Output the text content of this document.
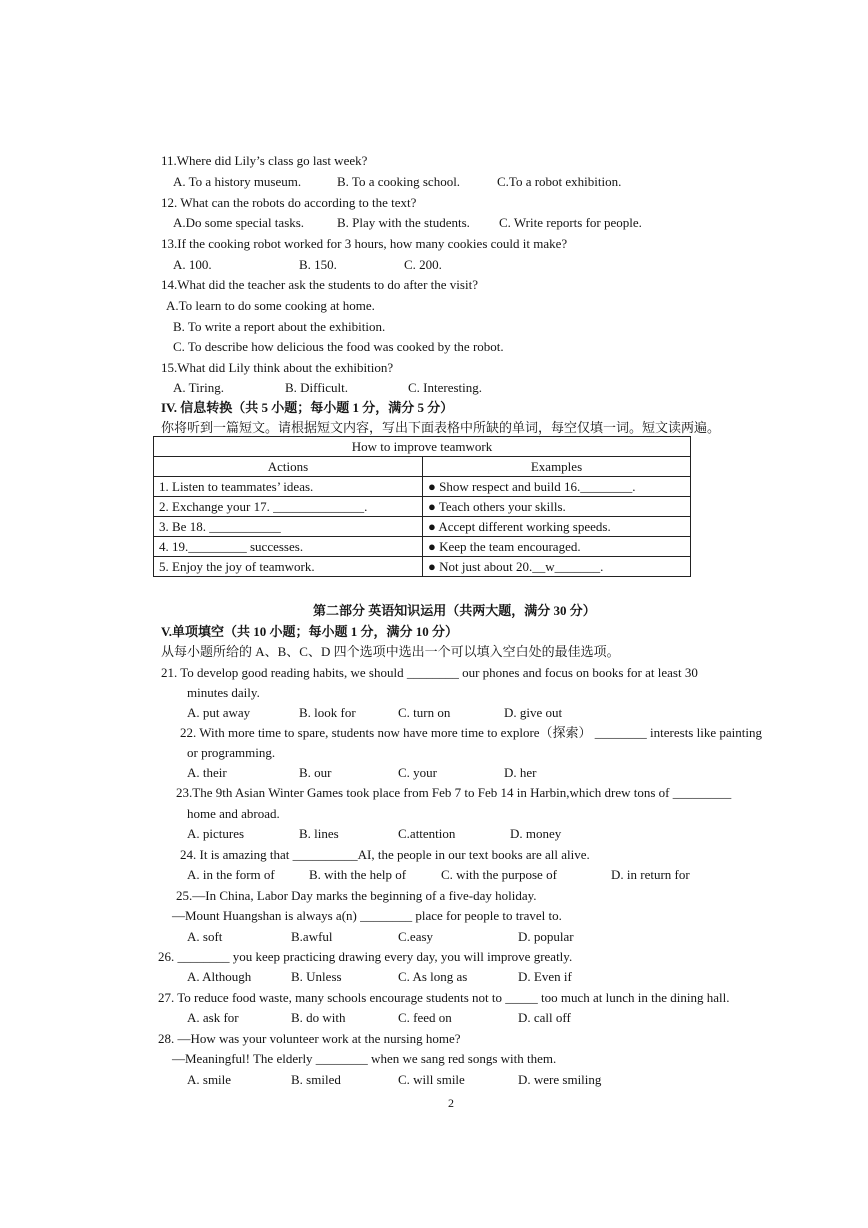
11.Where did Lily’s class go last week?
A. To a history museum.	B. To a cooking school.	C.To a robot exhibition.
12. What can the robots do according to the text?
A.Do some special tasks.	B. Play with the students. C. Write reports for people.
13.If the cooking robot worked for 3 hours, how many cookies could it make?
A. 100.	B. 150.	C. 200.
14.What did the teacher ask the students to do after the visit?
A.To learn to do some cooking at home.
B. To write a report about the exhibition.
C. To describe how delicious the food was cooked by the robot.
15.What did Lily think about the exhibition?
A. Tiring.	B. Difficult.	C. Interesting.
IV. 信息转换（共 5 小题；每小题 1 分，满分 5 分）
你将听到一篇短文。请根据短文内容，写出下面表格中所缺的单词，每空仅填一词。短文读两遍。
How to improve teamwork	
Actions	Examples
1. Listen to teammates’ ideas.	● Show respect and build 16.________.
2. Exchange your 17. ______________.	● Teach others your skills.
3. Be 18. ___________	● Accept different working speeds.
4. 19._________ successes.	● Keep the team encouraged.
5. Enjoy the joy of teamwork.	● Not just about 20.__w_______.
第二部分 英语知识运用（共两大题，满分 30 分）
V.单项填空（共 10 小题；每小题 1 分，满分 10 分）
从每小题所给的 A、B、C、D 四个选项中选出一个可以填入空白处的最佳选项。
21. To develop good reading habits, we should ________ our phones and focus on books for at least 30
minutes daily.
A. put away	B. look for	C. turn on	D. give out
22. With more time to spare, students now have more time to explore（探索） ________ interests like painting
or programming.
A. their	B. our	C. your	D. her
23.The 9th Asian Winter Games took place from Feb 7 to Feb 14 in Harbin,which drew tons of _________
home and abroad.
A. pictures	B. lines	C.attention	D. money
24. It is amazing that __________AI, the people in our text books are all alive.
A. in the form of	B. with the help of	C. with the purpose of	D. in return for
25.—In China, Labor Day marks the beginning of a five-day holiday.
—Mount Huangshan is always a(n) ________ place for people to travel to.
A. soft	B.awful	C.easy	D. popular
26. ________ you keep practicing drawing every day, you will improve greatly.
A. Although	B. Unless	C. As long as	D. Even if
27. To reduce food waste, many schools encourage students not to _____ too much at lunch in the dining hall.
A. ask for	B. do with	C. feed on	D. call off
28. —How was your volunteer work at the nursing home?
—Meaningful! The elderly ________ when we sang red songs with them.
A. smile	B. smiled	C. will smile	D. were smiling
2
